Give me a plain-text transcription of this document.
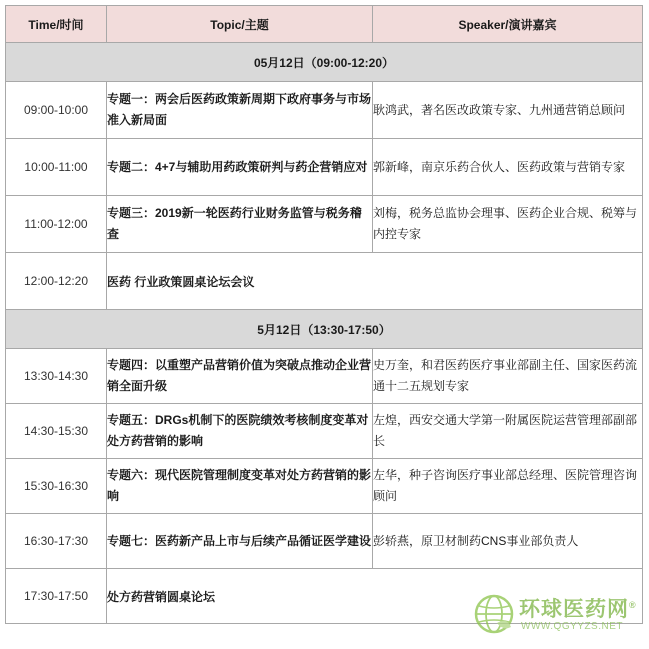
Time/时间	Topic/主题	Speaker/演讲嘉宾
05月12日（09:00-12:20）		
09:00-10:00	专题一：两会后医药政策新周期下政府事务与市场准入新局面	耿鸿武，著名医改政策专家、九州通营销总顾问
10:00-11:00	专题二：4+7与辅助用药政策研判与药企营销应对	郭新峰，南京乐药合伙人、医药政策与营销专家
11:00-12:00	专题三：2019新一轮医药行业财务监管与税务稽查	刘梅，税务总监协会理事、医药企业合规、税筹与内控专家
12:00-12:20	医药 行业政策圆桌论坛会议	
5月12日（13:30-17:50）		
13:30-14:30	专题四：以重塑产品营销价值为突破点推动企业营销全面升级	史万奎，和君医药医疗事业部副主任、国家医药流通十二五规划专家
14:30-15:30	专题五：DRGs机制下的医院绩效考核制度变革对处方药营销的影响	左煌，西安交通大学第一附属医院运营管理部副部长
15:30-16:30	专题六：现代医院管理制度变革对处方药营销的影响	左华，种子咨询医疗事业部总经理、医院管理咨询顾问
16:30-17:30	专题七：医药新产品上市与后续产品循证医学建设	彭轿燕，原卫材制药CNS事业部负责人
17:30-17:50	处方药营销圆桌论坛	
环球医药网®
WWW.QGYYZS.NET
